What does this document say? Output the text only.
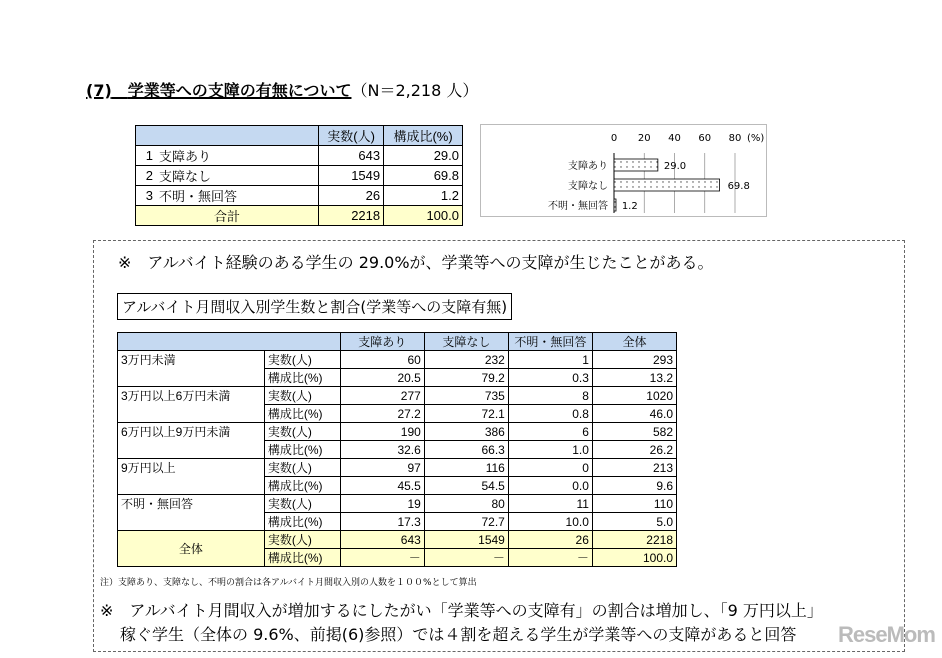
(7)　 学業等への支障の有無について（N＝2,218 人）
		実数(人)	構成比(%)
1	支障あり	643	29.0
2	支障なし	1549	69.8
3	不明・無回答	26	1.2
合計		2218	100.0
0 20 40 60 80 (%)
支障あり	29.0
支障なし	69.8
不明・無回答 1.2
※　アルバイト経験のある学生の 29.0%が、学業等への支障が生じたことがある。
アルバイト月間収入別学生数と割合(学業等への支障有無)
		支障あり	支障なし	不明・無回答	全体
3万円未満	実数(人)	60	232	1	293
	構成比(%)	20.5	79.2	0.3	13.2
3万円以上6万円未満	実数(人)	277	735	8	1020
	構成比(%)	27.2	72.1	0.8	46.0
6万円以上9万円未満	実数(人)	190	386	6	582
	構成比(%)	32.6	66.3	1.0	26.2
9万円以上	実数(人)	97	116	0	213
	構成比(%)	45.5	54.5	0.0	9.6
不明・無回答	実数(人)	19	80	11	110
	構成比(%)	17.3	72.7	10.0	5.0
全体	実数(人)	643	1549	26	2218
	構成比(%)	－	－	－	100.0
注）支障あり、支障なし、不明の割合は各アルバイト月間収入別の人数を１００%として算出
※　アルバイト月間収入が増加するにしたがい「学業等への支障有」の割合は増加し、「9 万円以上」
稼ぐ学生（全体の 9.6%、前掲(6)参照）では４割を超える学生が学業等への支障があると回答 ReseMom
